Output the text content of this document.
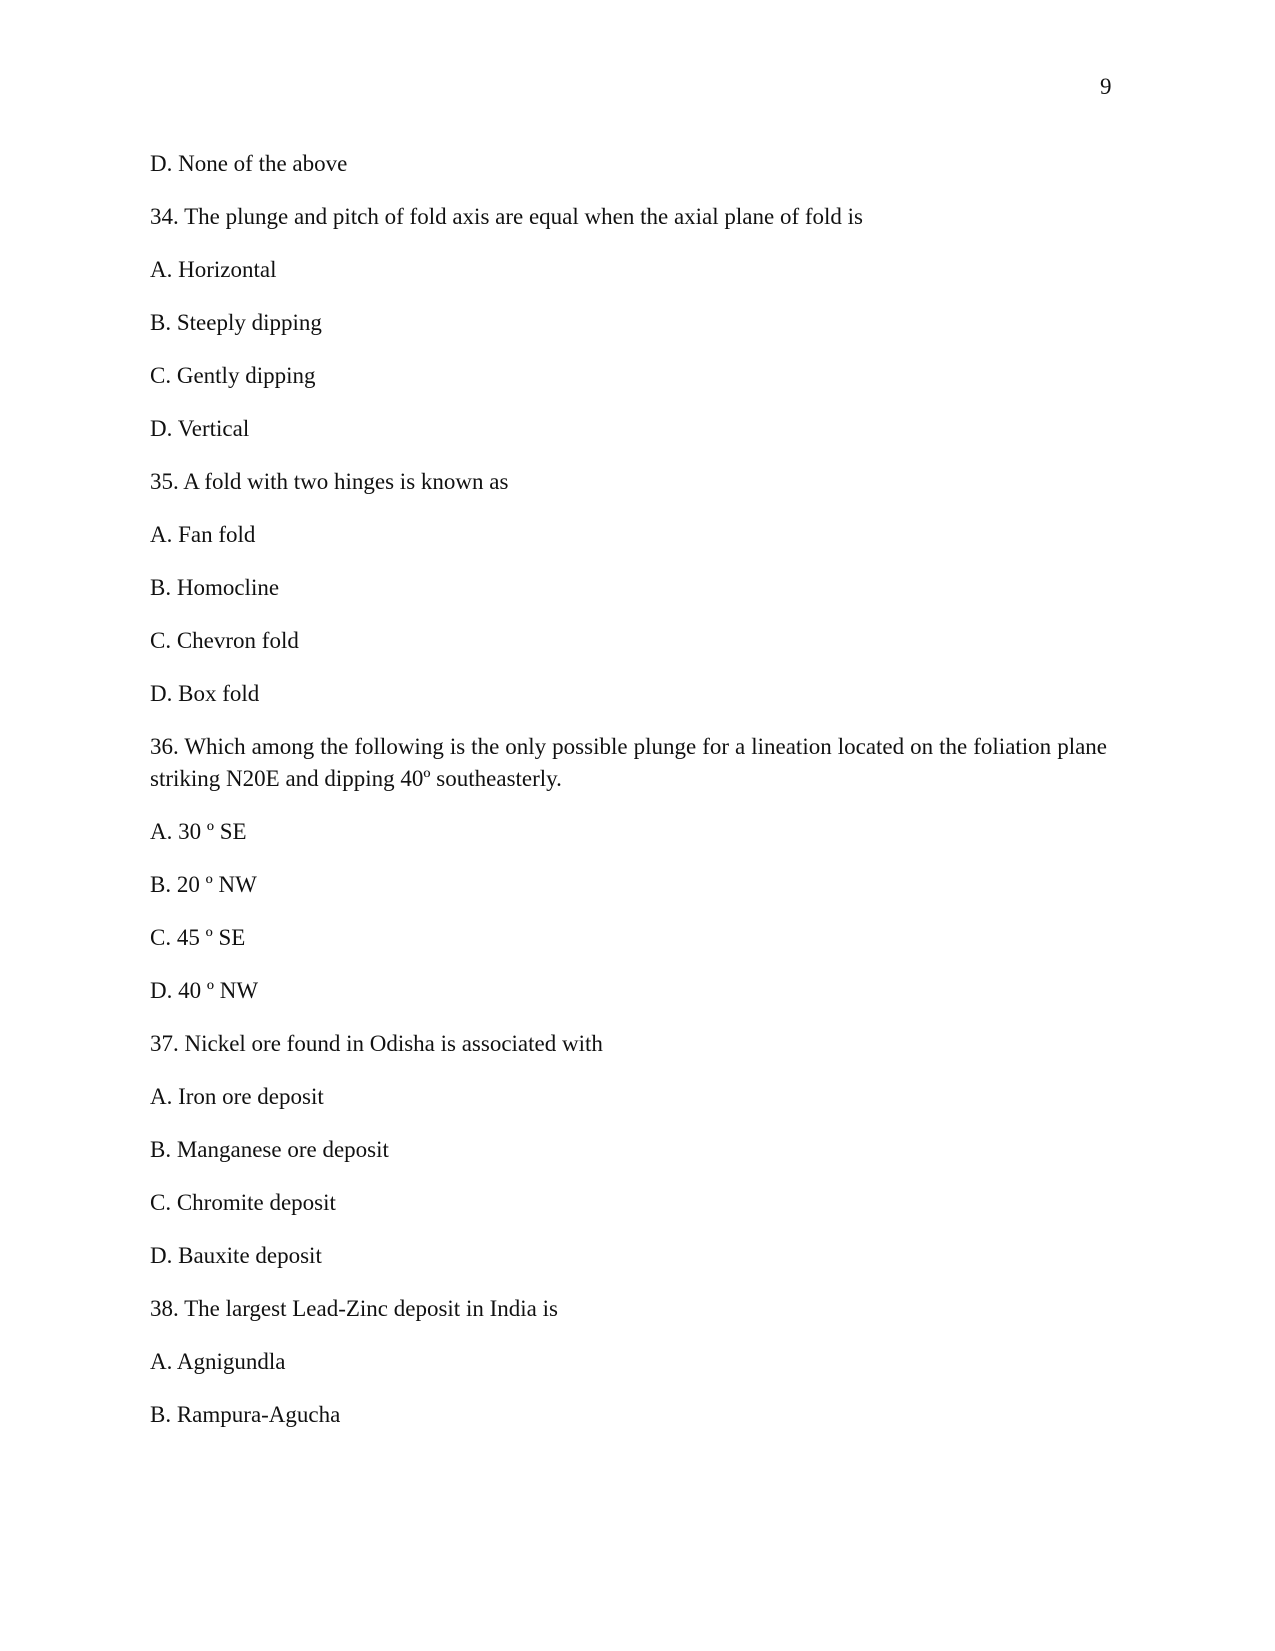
9
D. None of the above
34. The plunge and pitch of fold axis are equal when the axial plane of fold is
A. Horizontal
B. Steeply dipping
C. Gently dipping
D. Vertical
35. A fold with two hinges is known as
A. Fan fold
B. Homocline
C. Chevron fold
D. Box fold
36. Which among the following is the only possible plunge for a lineation located on the foliation plane striking N20E and dipping 40º southeasterly.
A. 30 º SE
B. 20 º NW
C. 45 º SE
D. 40 º NW
37. Nickel ore found in Odisha is associated with
A. Iron ore deposit
B. Manganese ore deposit
C. Chromite deposit
D. Bauxite deposit
38. The largest Lead-Zinc deposit in India is
A. Agnigundla
B. Rampura-Agucha
